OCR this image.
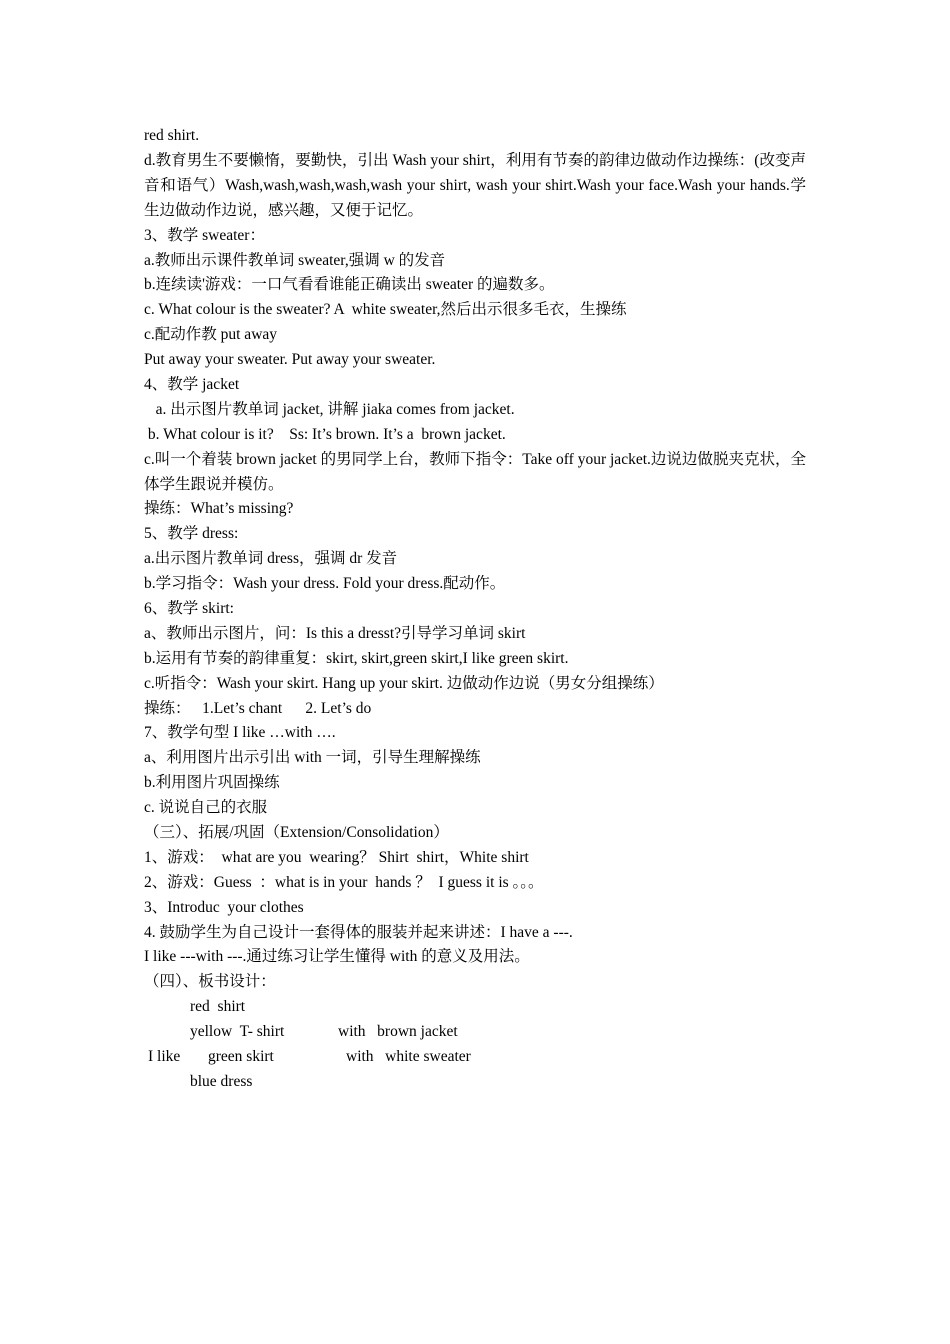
red shirt.
d.教育男生不要懒惰，要勤快，引出 Wash your shirt，利用有节奏的韵律边做动作边操练：(改变声音和语气）Wash,wash,wash,wash,wash your shirt, wash your shirt.Wash your face.Wash your hands.学生边做动作边说，感兴趣，又便于记忆。
3、教学 sweater：
a.教师出示课件教单词 sweater,强调 w 的发音
b.连续读'游戏：一口气看看谁能正确读出 sweater 的遍数多。
c. What colour is the sweater? A  white sweater,然后出示很多毛衣，生操练
c.配动作教 put away
Put away your sweater. Put away your sweater.
4、教学 jacket
a. 出示图片教单词 jacket, 讲解 jiaka comes from jacket.
b. What colour is it?    Ss: It’s brown. It’s a  brown jacket.
c.叫一个着装 brown jacket 的男同学上台，教师下指令：Take off your jacket.边说边做脱夹克状，全体学生跟说并模仿。
操练：What’s missing?
5、教学 dress:
a.出示图片教单词 dress，强调 dr 发音
b.学习指令：Wash your dress. Fold your dress.配动作。
6、教学 skirt:
a、教师出示图片，问：Is this a dresst?引导学习单词 skirt
b.运用有节奏的韵律重复：skirt, skirt,green skirt,I like green skirt.
c.听指令：Wash your skirt. Hang up your skirt. 边做动作边说（男女分组操练）
操练：   1.Let’s chant      2. Let’s do
7、教学句型 I like …with ….
a、利用图片出示引出 with 一词，引导生理解操练
b.利用图片巩固操练
c. 说说自己的衣服
（三）、拓展/巩固（Extension/Consolidation）
1、游戏：  what are you  wearing？ Shirt  shirt，White shirt
2、游戏：Guess  ：what is in your  hands ？  I guess it is 。。。
3、Introduc  your clothes
4. 鼓励学生为自己设计一套得体的服装并起来讲述：I have a ---.
I like ---with ---.通过练习让学生懂得 with 的意义及用法。
（四）、板书设计：
red  shirt
yellow  T- shirt	with   brown jacket
I like green skirt	with   white sweater
blue dress
